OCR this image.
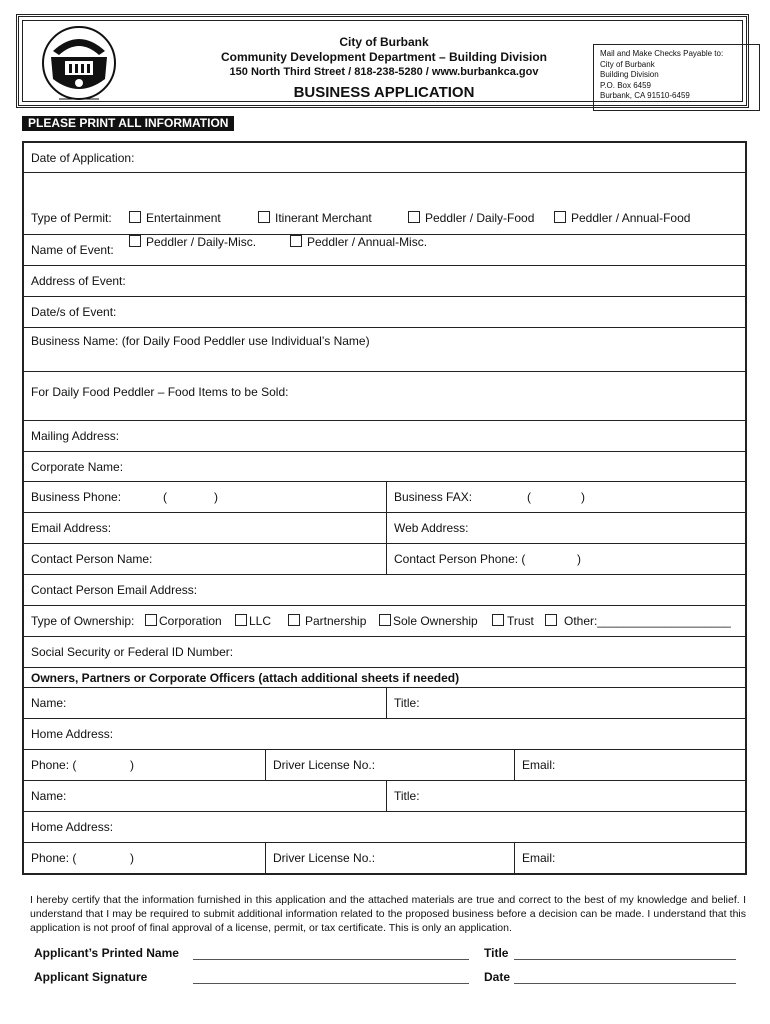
City of Burbank
Community Development Department – Building Division
150 North Third Street / 818-238-5280 / www.burbankca.gov
BUSINESS APPLICATION
Mail and Make Checks Payable to:
City of Burbank
Building Division
P.O. Box 6459
Burbank, CA 91510-6459
PLEASE PRINT ALL INFORMATION
Date of Application:
Type of Permit:	Entertainment	Itinerant Merchant	Peddler / Daily-Food	Peddler / Annual-Food
Peddler / Daily-Misc.	Peddler / Annual-Misc.
Name of Event:
Address of Event:
Date/s of Event:
Business Name: (for Daily Food Peddler use Individual’s Name)
For Daily Food Peddler – Food Items to be Sold:
Mailing Address:
Corporate Name:
Business Phone:	(	)	Business FAX:	(	)
Email Address:	Web Address:
Contact Person Name:	Contact Person Phone: (	)
Contact Person Email Address:
Type of Ownership:	Corporation	LLC	Partnership	Sole Ownership	Trust	Other:____________________
Social Security or Federal ID Number:
Owners, Partners or Corporate Officers (attach additional sheets if needed)
Name:	Title:
Home Address:
Phone: (	)	Driver License No.:	Email:
Name:	Title:
Home Address:
Phone: (	)	Driver License No.:	Email:
I hereby certify that the information furnished in this application and the attached materials are true and correct to the best of my knowledge and belief. I understand that I may be required to submit additional information related to the proposed business before a decision can be made. I understand that this application is not proof of final approval of a license, permit, or tax certificate. This is only an application.
Applicant’s Printed Name	Title
Applicant Signature	Date
